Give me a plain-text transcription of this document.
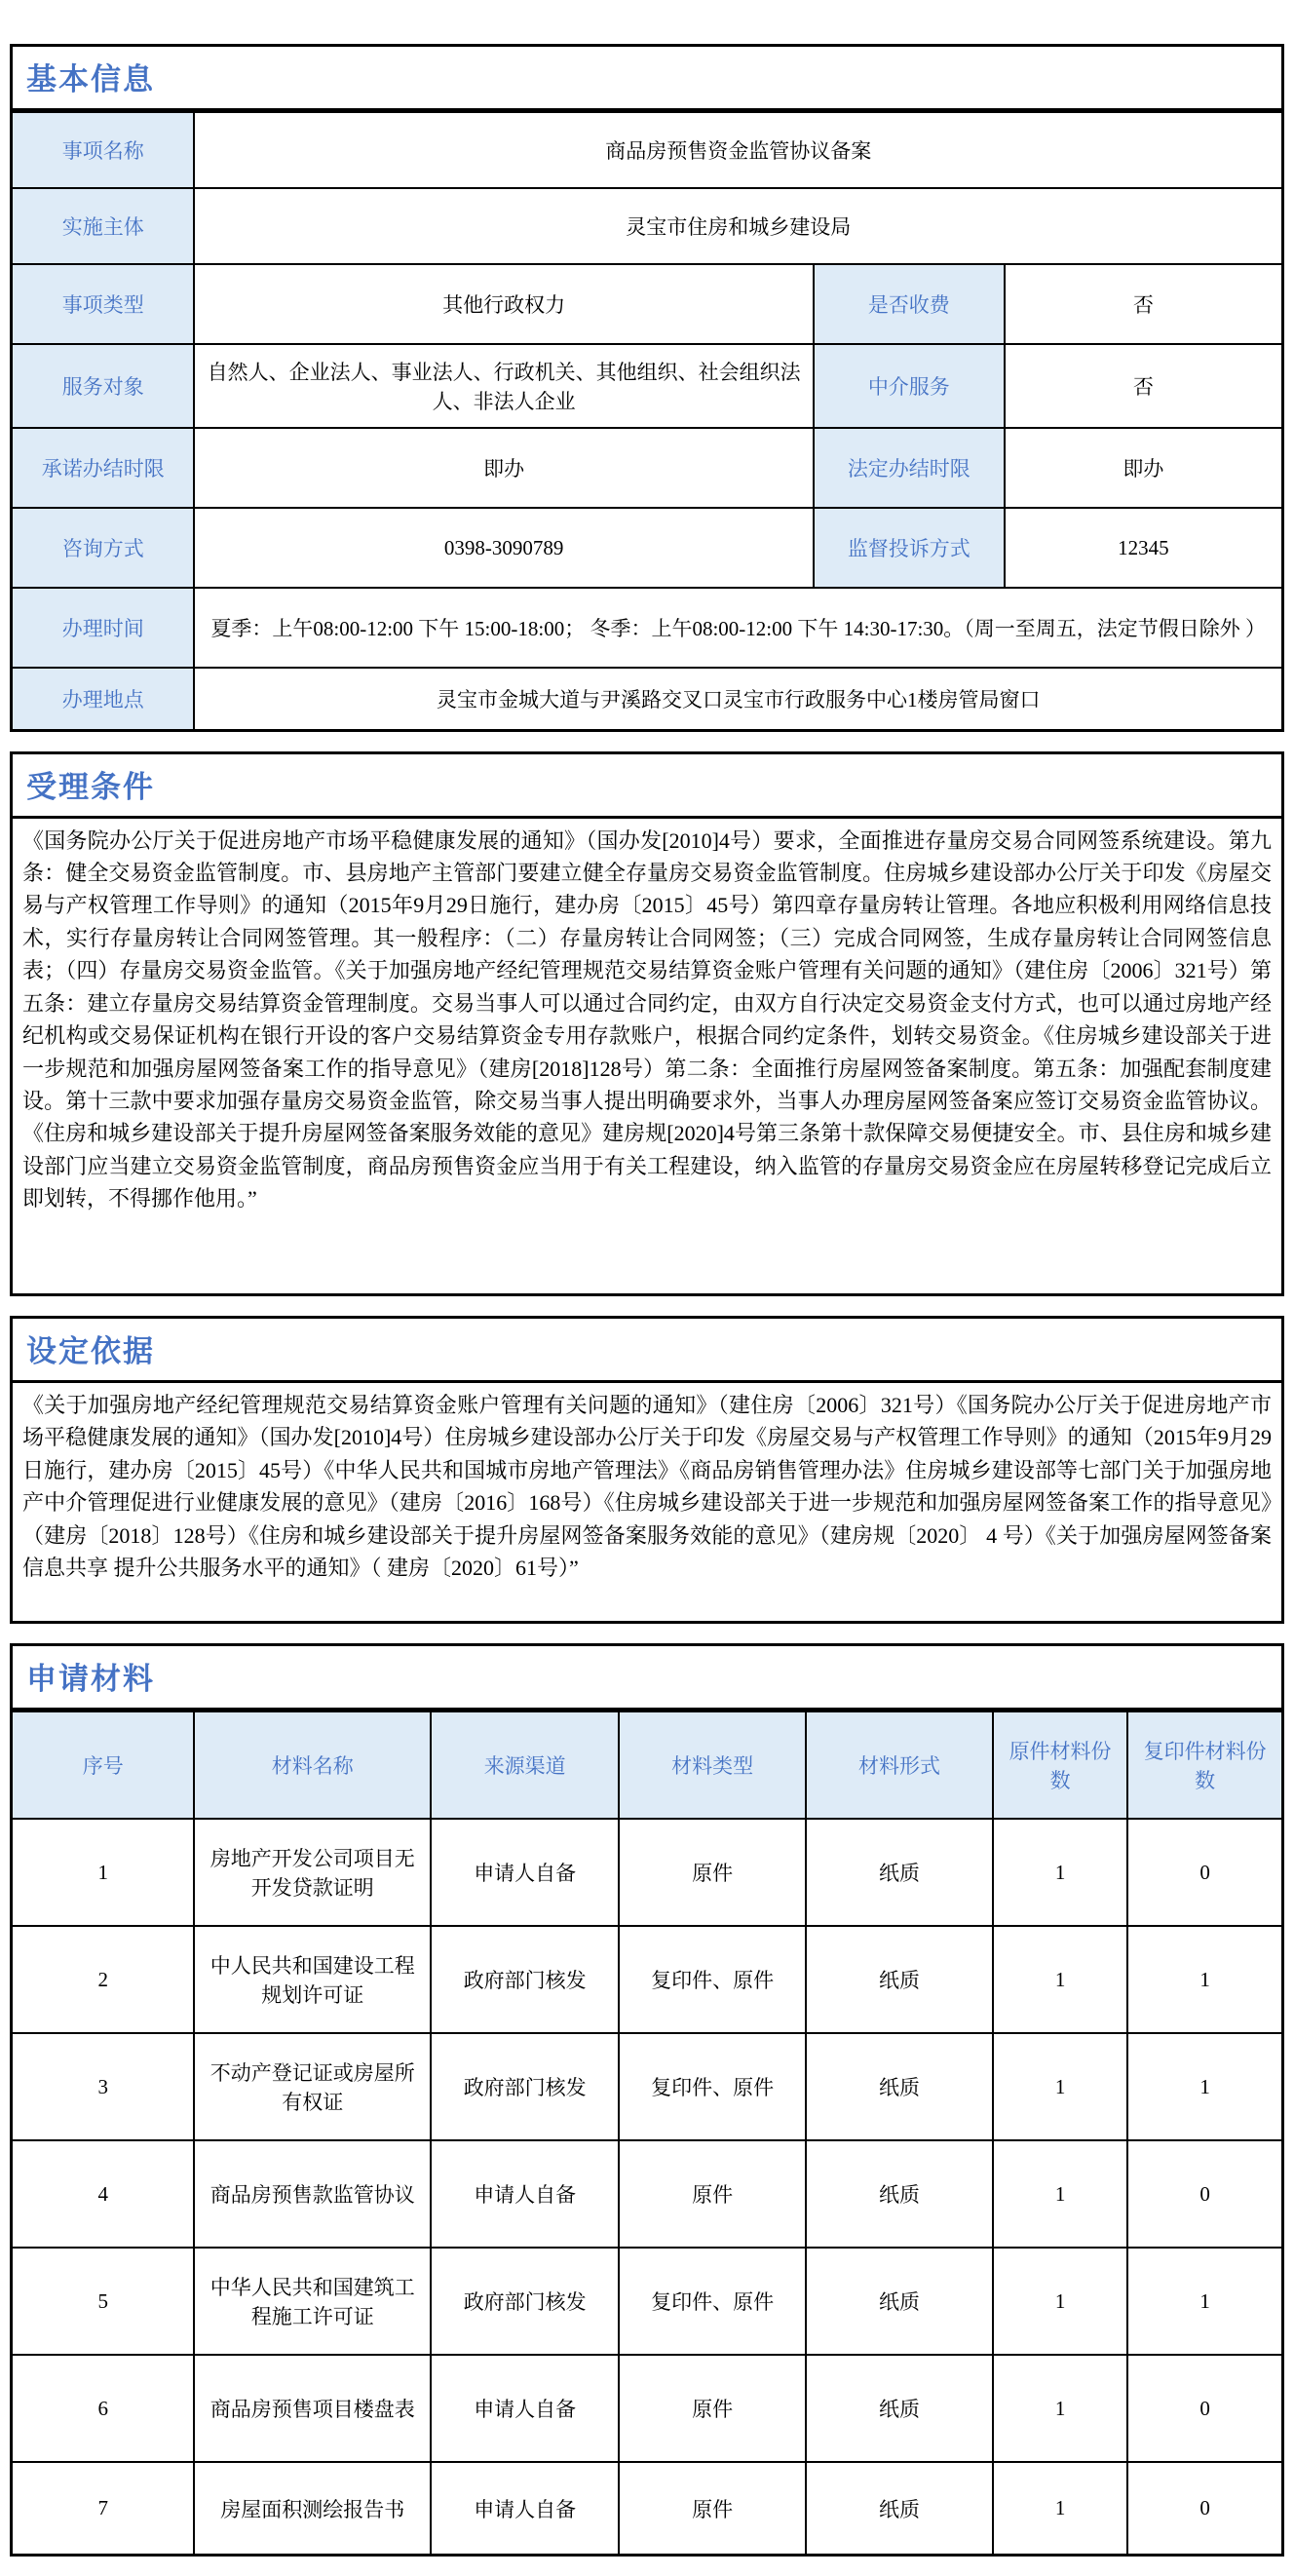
基本信息
事项名称	商品房预售资金监管协议备案		
实施主体	灵宝市住房和城乡建设局		
事项类型	其他行政权力	是否收费	否
服务对象	自然人、企业法人、事业法人、行政机关、其他组织、社会组织法人、非法人企业	中介服务	否
承诺办结时限	即办	法定办结时限	即办
咨询方式	0398-3090789	监督投诉方式	12345
办理时间	夏季：上午08:00-12:00 下午 15:00-18:00； 冬季：上午08:00-12:00 下午 14:30-17:30。（周一至周五，法定节假日除外 ）		
办理地点	灵宝市金城大道与尹溪路交叉口灵宝市行政服务中心1楼房管局窗口		
受理条件

《国务院办公厅关于促进房地产市场平稳健康发展的通知》（国办发[2010]4号）要求，全面推进存量房交易合同网签系统建设。第九条：健全交易资金监管制度。市、县房地产主管部门要建立健全存量房交易资金监管制度。住房城乡建设部办公厅关于印发《房屋交易与产权管理工作导则》的通知（2015年9月29日施行，建办房〔2015〕45号）第四章存量房转让管理。各地应积极利用网络信息技术，实行存量房转让合同网签管理。其一般程序：（二）存量房转让合同网签；（三）完成合同网签，生成存量房转让合同网签信息表；（四）存量房交易资金监管。《关于加强房地产经纪管理规范交易结算资金账户管理有关问题的通知》（建住房〔2006〕321号）第五条：建立存量房交易结算资金管理制度。交易当事人可以通过合同约定，由双方自行决定交易资金支付方式，也可以通过房地产经纪机构或交易保证机构在银行开设的客户交易结算资金专用存款账户，根据合同约定条件，划转交易资金。《住房城乡建设部关于进一步规范和加强房屋网签备案工作的指导意见》（建房[2018]128号）第二条：全面推行房屋网签备案制度。第五条：加强配套制度建设。第十三款中要求加强存量房交易资金监管，除交易当事人提出明确要求外，当事人办理房屋网签备案应签订交易资金监管协议。《住房和城乡建设部关于提升房屋网签备案服务效能的意见》建房规[2020]4号第三条第十款保障交易便捷安全。市、县住房和城乡建设部门应当建立交易资金监管制度，商品房预售资金应当用于有关工程建设，纳入监管的存量房交易资金应在房屋转移登记完成后立即划转，不得挪作他用。”

设定依据

《关于加强房地产经纪管理规范交易结算资金账户管理有关问题的通知》（建住房〔2006〕321号）《国务院办公厅关于促进房地产市场平稳健康发展的通知》（国办发[2010]4号）住房城乡建设部办公厅关于印发《房屋交易与产权管理工作导则》的通知（2015年9月29日施行，建办房〔2015〕45号）《中华人民共和国城市房地产管理法》《商品房销售管理办法》住房城乡建设部等七部门关于加强房地产中介管理促进行业健康发展的意见》（建房〔2016〕168号）《住房城乡建设部关于进一步规范和加强房屋网签备案工作的指导意见》（建房〔2018〕128号）《住房和城乡建设部关于提升房屋网签备案服务效能的意见》（建房规〔2020〕 4 号）《关于加强房屋网签备案信息共享 提升公共服务水平的通知》（ 建房〔2020〕61号）”

申请材料
序号	材料名称	来源渠道	材料类型	材料形式	原件材料份数	复印件材料份数
1	房地产开发公司项目无开发贷款证明	申请人自备	原件	纸质	1	0
2	中人民共和国建设工程规划许可证	政府部门核发	复印件、原件	纸质	1	1
3	不动产登记证或房屋所有权证	政府部门核发	复印件、原件	纸质	1	1
4	商品房预售款监管协议	申请人自备	原件	纸质	1	0
5	中华人民共和国建筑工程施工许可证	政府部门核发	复印件、原件	纸质	1	1
6	商品房预售项目楼盘表	申请人自备	原件	纸质	1	0
7	房屋面积测绘报告书	申请人自备	原件	纸质	1	0
